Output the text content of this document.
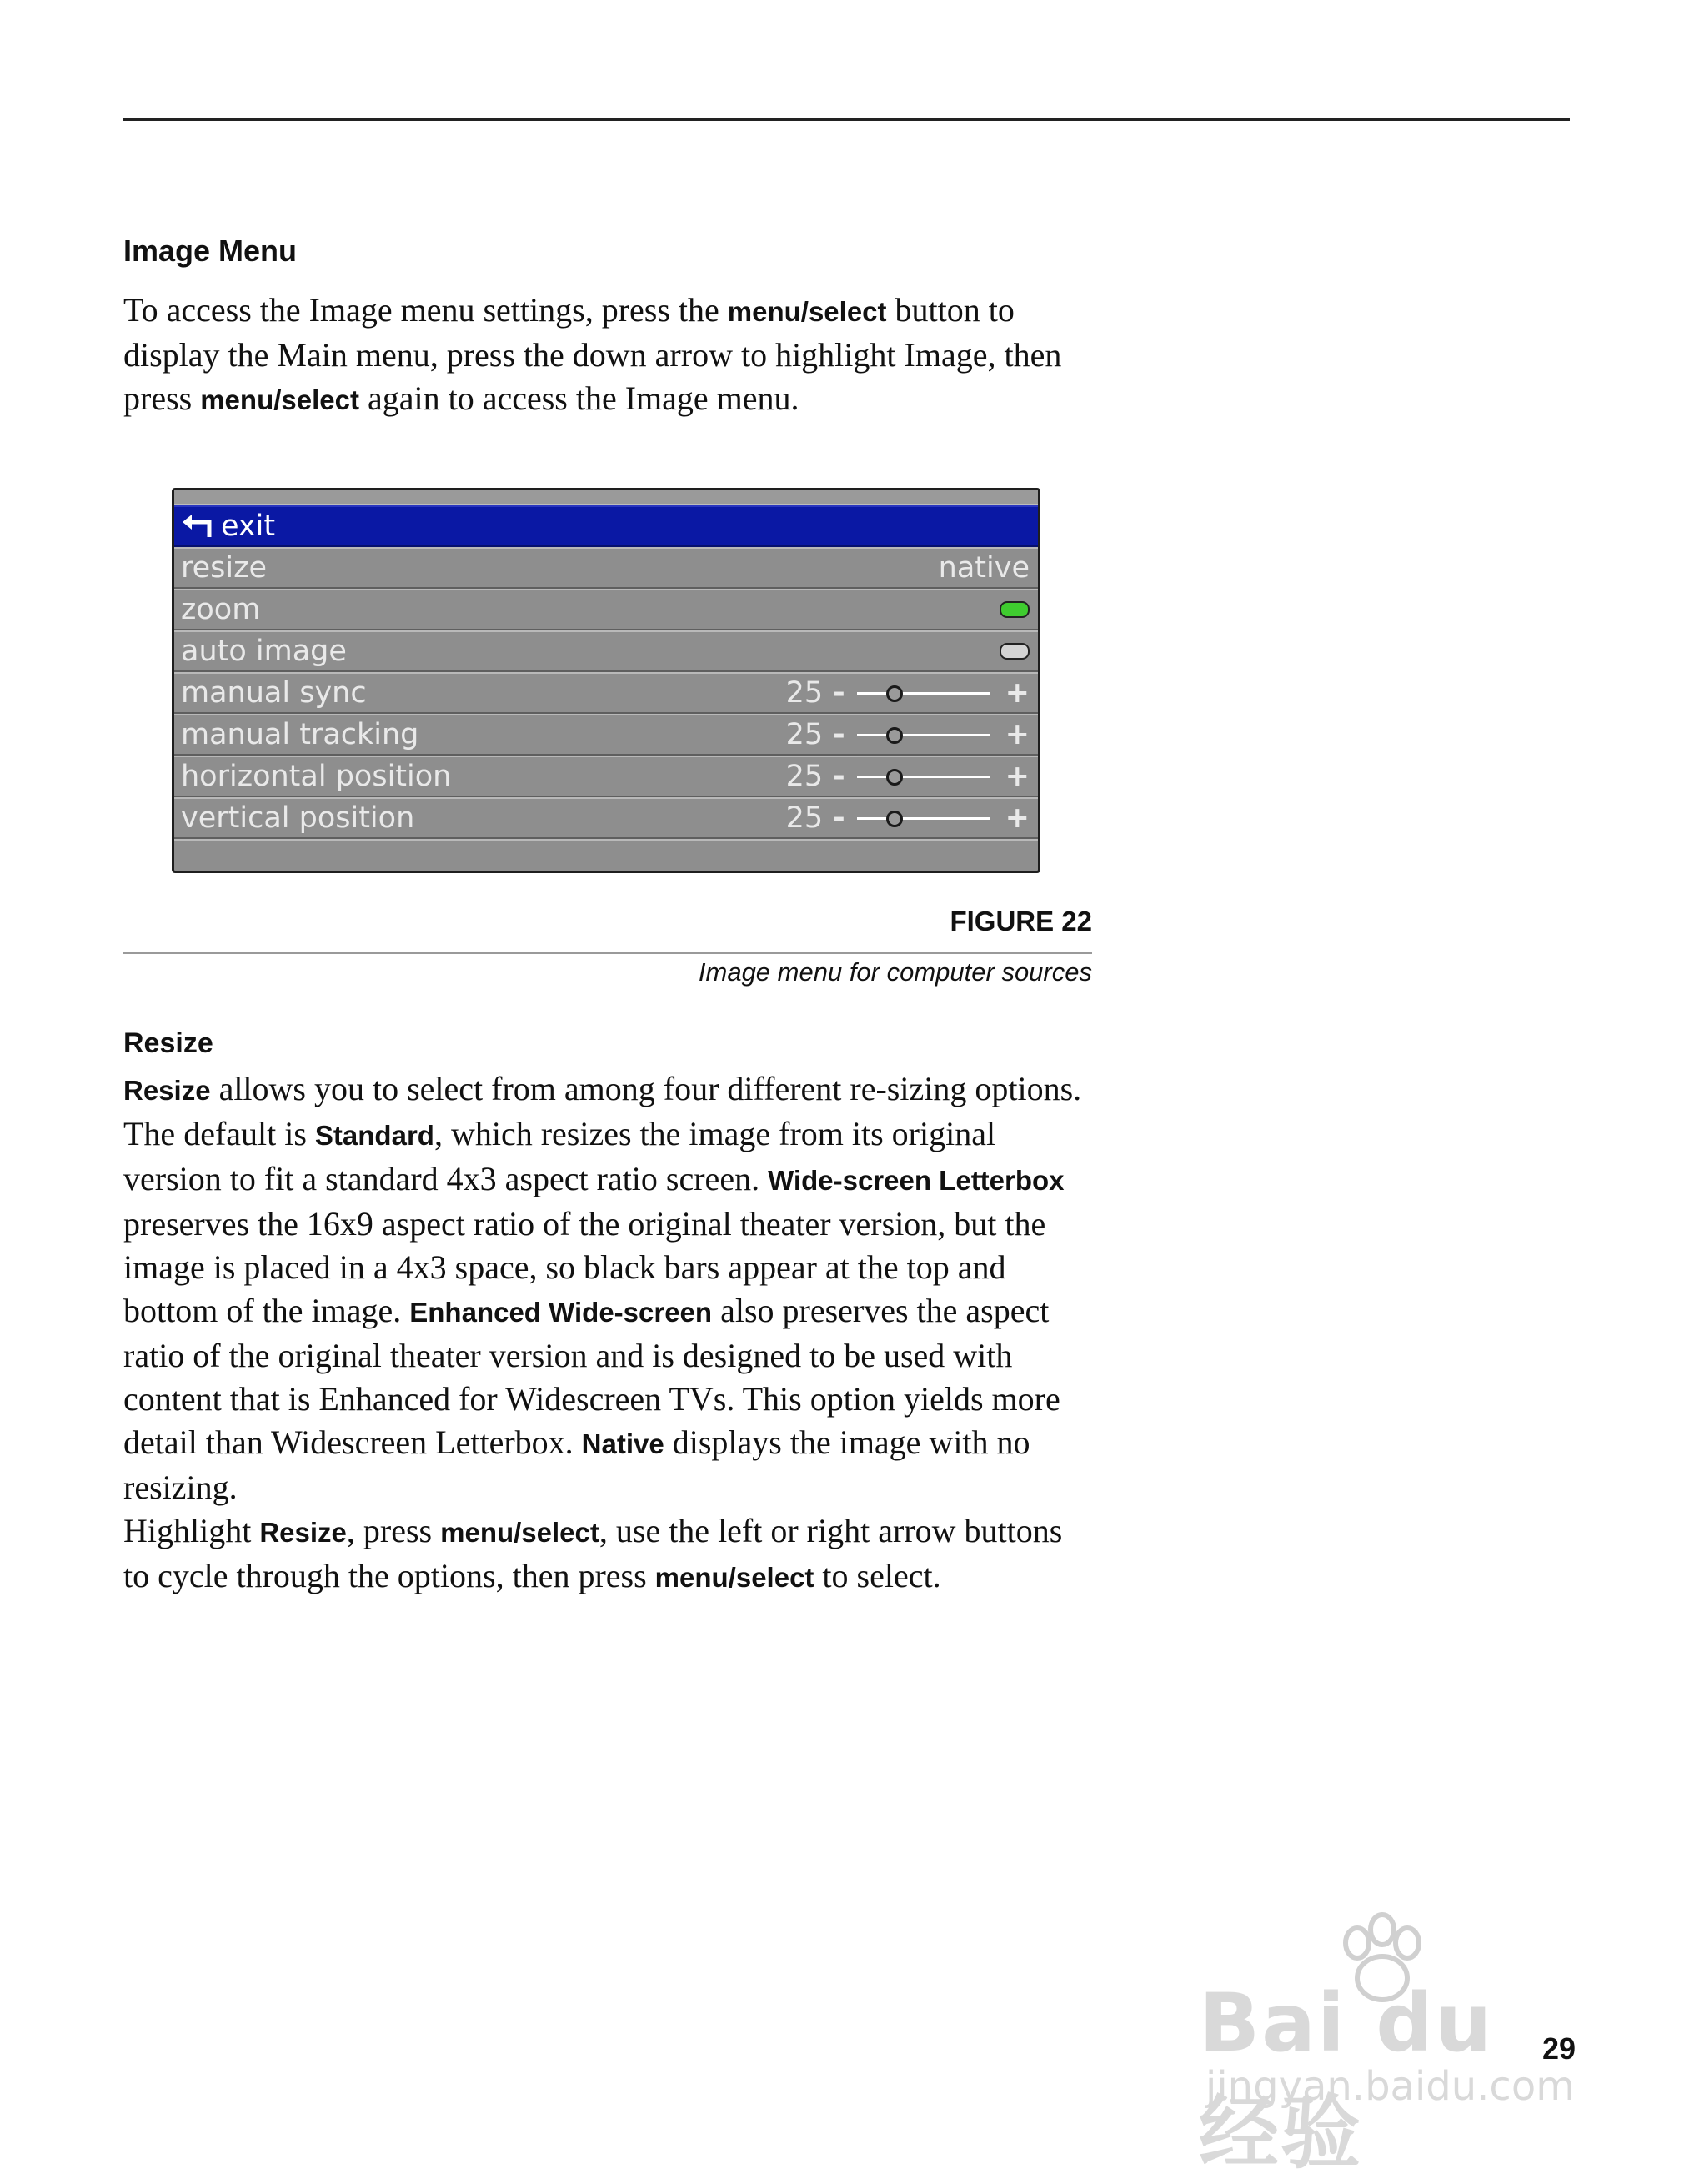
Image Menu

To access the Image menu settings, press the menu/select button to display the Main menu, press the down arrow to highlight Image, then press menu/select again to access the Image menu.

exit
resize	native
zoom
auto image
manual sync	25 -	+
manual tracking	25 -	+
horizontal position	25 -	+
vertical position	25 -	+

FIGURE 22

Image menu for computer sources

Resize

Resize allows you to select from among four different re-sizing options. The default is Standard, which resizes the image from its original version to fit a standard 4x3 aspect ratio screen. Wide-screen Letterbox preserves the 16x9 aspect ratio of the original theater version, but the image is placed in a 4x3 space, so black bars appear at the top and bottom of the image. Enhanced Wide-screen also preserves the aspect ratio of the original theater version and is designed to be used with content that is Enhanced for Widescreen TVs. This option yields more detail than Widescreen Letterbox. Native displays the image with no resizing.
Highlight Resize, press menu/select, use the left or right arrow buttons to cycle through the options, then press menu/select to select.

Bai du 经验
jingyan.baidu.com

29
